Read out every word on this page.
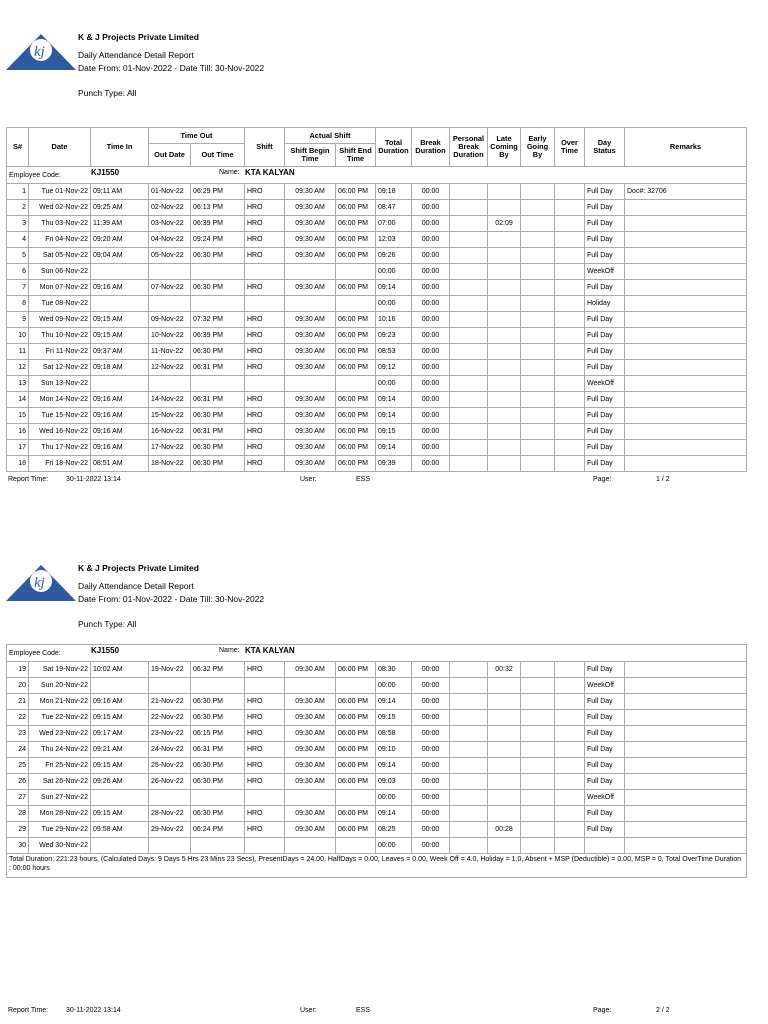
kj
K & J Projects Private Limited
Daily Attendance Detail Report
Date From: 01-Nov-2022 - Date Till: 30-Nov-2022
Punch Type: All
S#	Date	Time In	Time Out		Shift	Actual Shift		Total Duration	Break Duration	Personal Break Duration	Late Coming By	Early Going By	Over Time	Day Status	Remarks
			Out Date	Out Time		Shift Begin Time	Shift End Time								
Employee Code: KJ1550 Name: KTA KALYAN															

1	Tue 01-Nov-22	09:11 AM	01-Nov-22	06:29 PM	HRO	09:30 AM	06:00 PM	09:18	00:00					Full Day	Doc#: 32706
2	Wed 02-Nov-22	09:25 AM	02-Nov-22	06:13 PM	HRO	09:30 AM	06:00 PM	08:47	00:00					Full Day	
3	Thu 03-Nov-22	11:39 AM	03-Nov-22	06:39 PM	HRO	09:30 AM	06:00 PM	07:00	00:00		02:09			Full Day	
4	Fri 04-Nov-22	09:20 AM	04-Nov-22	09:24 PM	HRO	09:30 AM	06:00 PM	12:03	00:00					Full Day	
5	Sat 05-Nov-22	09:04 AM	05-Nov-22	06:30 PM	HRO	09:30 AM	06:00 PM	09:26	00:00					Full Day	
6	Sun 06-Nov-22							00:00	00:00					WeekOff	
7	Mon 07-Nov-22	09:16 AM	07-Nov-22	06:30 PM	HRO	09:30 AM	06:00 PM	09:14	00:00					Full Day	
8	Tue 08-Nov-22							00:00	00:00					Holiday	
9	Wed 09-Nov-22	09:15 AM	09-Nov-22	07:32 PM	HRO	09:30 AM	06:00 PM	10:16	00:00					Full Day	
10	Thu 10-Nov-22	09:15 AM	10-Nov-22	06:39 PM	HRO	09:30 AM	06:00 PM	09:23	00:00					Full Day	
11	Fri 11-Nov-22	09:37 AM	11-Nov-22	06:30 PM	HRO	09:30 AM	06:00 PM	08:53	00:00					Full Day	
12	Sat 12-Nov-22	09:18 AM	12-Nov-22	06:31 PM	HRO	09:30 AM	06:00 PM	09:12	00:00					Full Day	
13	Sun 13-Nov-22							00:00	00:00					WeekOff	
14	Mon 14-Nov-22	09:16 AM	14-Nov-22	06:31 PM	HRO	09:30 AM	06:00 PM	09:14	00:00					Full Day	
15	Tue 15-Nov-22	09:16 AM	15-Nov-22	06:30 PM	HRO	09:30 AM	06:00 PM	09:14	00:00					Full Day	
16	Wed 16-Nov-22	09:16 AM	16-Nov-22	06:31 PM	HRO	09:30 AM	06:00 PM	09:15	00:00					Full Day	
17	Thu 17-Nov-22	09:16 AM	17-Nov-22	06:30 PM	HRO	09:30 AM	06:00 PM	09:14	00:00					Full Day	
18	Fri 18-Nov-22	08:51 AM	18-Nov-22	06:30 PM	HRO	09:30 AM	06:00 PM	09:39	00:00					Full Day	
Report Time:	30-11-2022 13:14	User:	ESS	Page:	1 / 2
kj
K & J Projects Private Limited
Daily Attendance Detail Report
Date From: 01-Nov-2022 - Date Till: 30-Nov-2022
Punch Type: All
Employee Code: KJ1550 Name: KTA KALYAN															

19	Sat 19-Nov-22	10:02 AM	19-Nov-22	06:32 PM	HRO	09:30 AM	06:00 PM	08:30	00:00		00:32			Full Day	
20	Sun 20-Nov-22							00:00	00:00					WeekOff	
21	Mon 21-Nov-22	09:16 AM	21-Nov-22	06:30 PM	HRO	09:30 AM	06:00 PM	09:14	00:00					Full Day	
22	Tue 22-Nov-22	09:15 AM	22-Nov-22	06:30 PM	HRO	09:30 AM	06:00 PM	09:15	00:00					Full Day	
23	Wed 23-Nov-22	09:17 AM	23-Nov-22	06:15 PM	HRO	09:30 AM	06:00 PM	08:58	00:00					Full Day	
24	Thu 24-Nov-22	09:21 AM	24-Nov-22	06:31 PM	HRO	09:30 AM	06:00 PM	09:10	00:00					Full Day	
25	Fri 25-Nov-22	09:15 AM	25-Nov-22	06:30 PM	HRO	09:30 AM	06:00 PM	09:14	00:00					Full Day	
26	Sat 26-Nov-22	09:26 AM	26-Nov-22	06:30 PM	HRO	09:30 AM	06:00 PM	09:03	00:00					Full Day	
27	Sun 27-Nov-22							00:00	00:00					WeekOff	
28	Mon 28-Nov-22	09:15 AM	28-Nov-22	06:30 PM	HRO	09:30 AM	06:00 PM	09:14	00:00					Full Day	
29	Tue 29-Nov-22	09:58 AM	29-Nov-22	06:24 PM	HRO	09:30 AM	06:00 PM	08:25	00:00		00:28			Full Day	
30	Wed 30-Nov-22							00:00	00:00						
Total Duration: 221:23 hours, (Calculated Days: 9 Days 5 Hrs 23 Mins 23 Secs), PresentDays = 24.00, HalfDays = 0.00, Leaves = 0.00, Week Off = 4.0, Holiday = 1.0, Absent + MSP (Deductible) = 0.00, MSP = 0, Total OverTime Duration : 00:00 hours															
Report Time:	30-11-2022 13:14	User:	ESS	Page:	2 / 2
